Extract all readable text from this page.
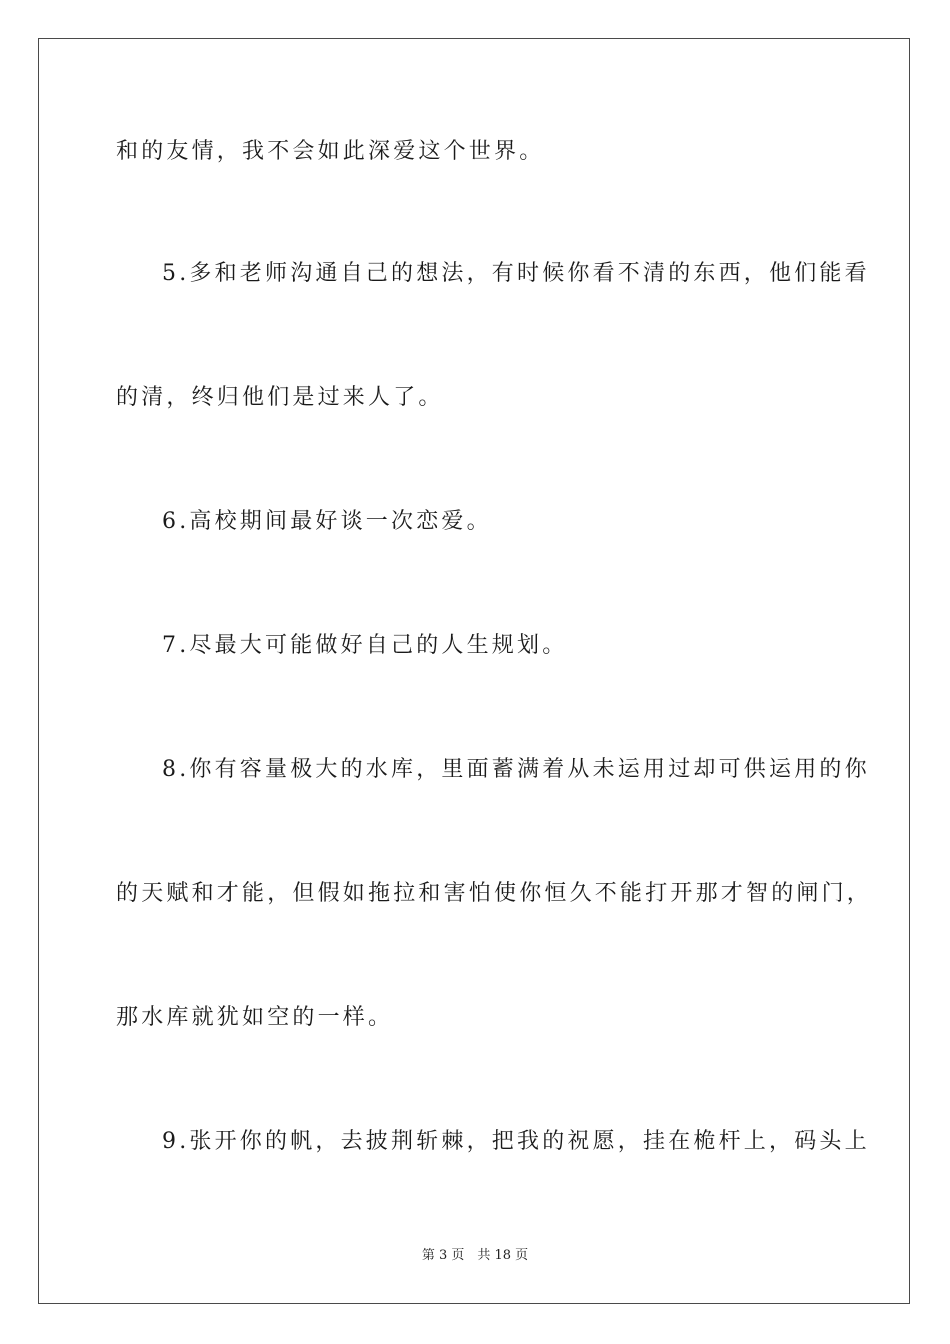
和的友情，我不会如此深爱这个世界。
5.多和老师沟通自己的想法，有时候你看不清的东西，他们能看
的清，终归他们是过来人了。
6.高校期间最好谈一次恋爱。
7.尽最大可能做好自己的人生规划。
8.你有容量极大的水库，里面蓄满着从未运用过却可供运用的你
的天赋和才能，但假如拖拉和害怕使你恒久不能打开那才智的闸门，
那水库就犹如空的一样。
9.张开你的帆，去披荆斩棘，把我的祝愿，挂在桅杆上，码头上
第 3 页　共 18 页
